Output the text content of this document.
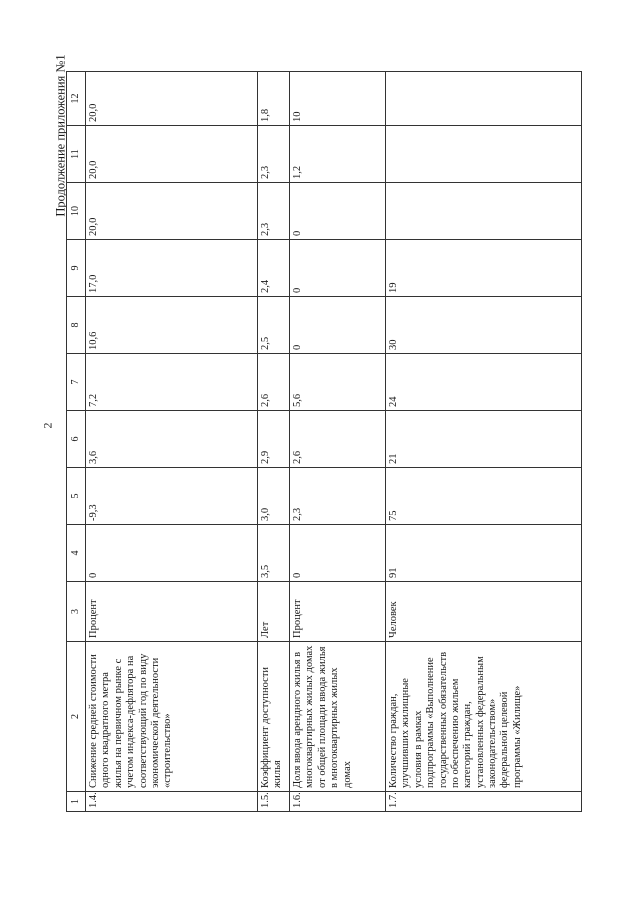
2
Продолжение приложения №1
1	2	3	4	5	6	7	8	9	10	11	12
1.4.	Снижение средней стоимости одного квадратного метра жилья на первичном рынке с учетом индекса-дефлятора на соответствующий год по виду экономической деятельности «строительство»	Процент	0	-9,3	3,6	7,2	10,6	17,0	20,0	20,0	20,0
1.5.	Коэффициент доступности жилья	Лет	3,5	3,0	2,9	2,6	2,5	2,4	2,3	2,3	1,8
1.6.	Доля ввода арендного жилья в многоквартирных жилых домах от общей площади ввода жилья в многоквартирных жилых домах	Процент	0	2,3	2,6	5,6	0	0	0	1,2	10
1.7.	Количество граждан, улучшивших жилищные условия в рамках подпрограммы «Выполнение государственных обязательств по обеспечению жильем категорий граждан, установленных федеральным законодательством» федеральной целевой программы «Жилище»	Человек	91	75	21	24	30	19			
